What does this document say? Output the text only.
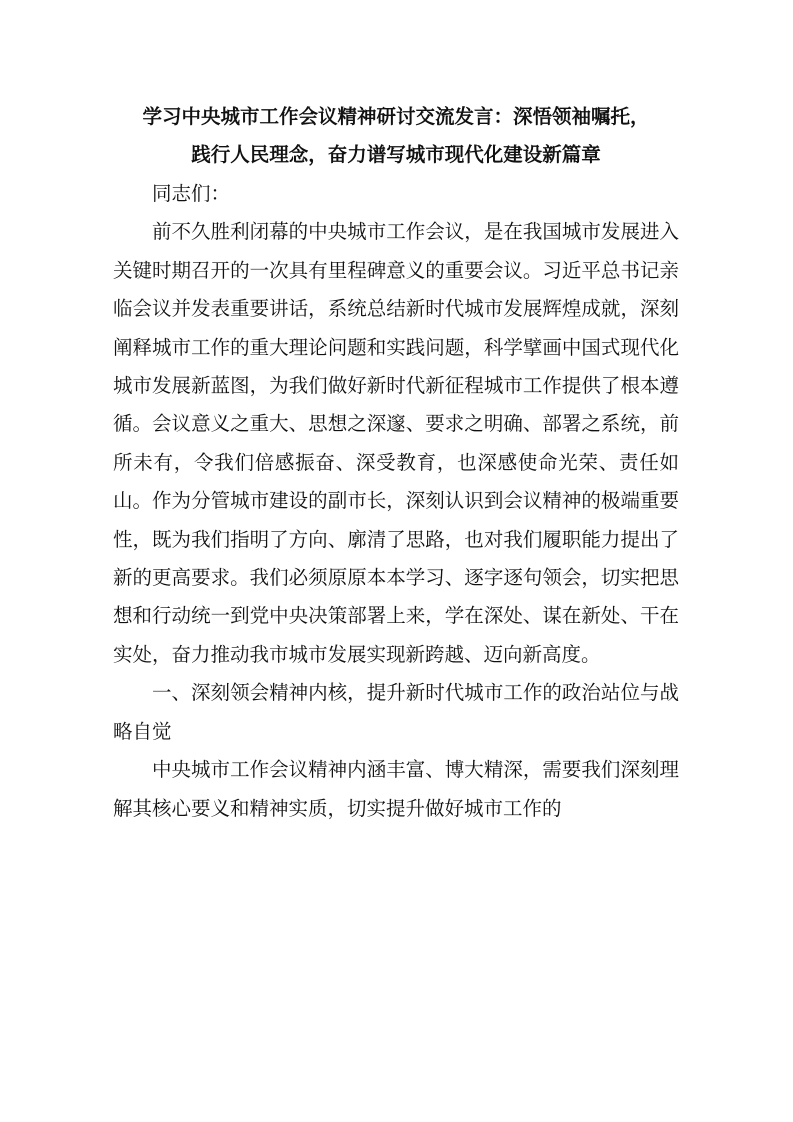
学习中央城市工作会议精神研讨交流发言：深悟领袖嘱托，
践行人民理念，奋力谱写城市现代化建设新篇章

同志们：

前不久胜利闭幕的中央城市工作会议，是在我国城市发展进入关键时期召开的一次具有里程碑意义的重要会议。习近平总书记亲临会议并发表重要讲话，系统总结新时代城市发展辉煌成就，深刻阐释城市工作的重大理论问题和实践问题，科学擘画中国式现代化城市发展新蓝图，为我们做好新时代新征程城市工作提供了根本遵循。会议意义之重大、思想之深邃、要求之明确、部署之系统，前所未有，令我们倍感振奋、深受教育，也深感使命光荣、责任如山。作为分管城市建设的副市长，深刻认识到会议精神的极端重要性，既为我们指明了方向、廓清了思路，也对我们履职能力提出了新的更高要求。我们必须原原本本学习、逐字逐句领会，切实把思想和行动统一到党中央决策部署上来，学在深处、谋在新处、干在实处，奋力推动我市城市发展实现新跨越、迈向新高度。

一、深刻领会精神内核，提升新时代城市工作的政治站位与战略自觉

中央城市工作会议精神内涵丰富、博大精深，需要我们深刻理解其核心要义和精神实质，切实提升做好城市工作的
